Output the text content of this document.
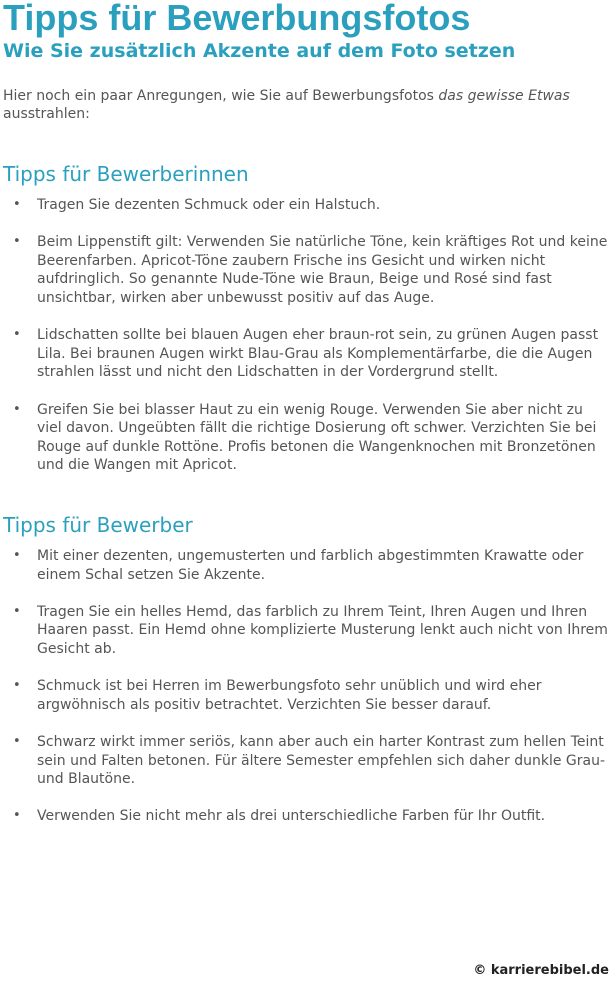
Tipps für Bewerbungsfotos
Wie Sie zusätzlich Akzente auf dem Foto setzen

Hier noch ein paar Anregungen, wie Sie auf Bewerbungsfotos das gewisse Etwas ausstrahlen:

Tipps für Bewerberinnen
• Tragen Sie dezenten Schmuck oder ein Halstuch.
• Beim Lippenstift gilt: Verwenden Sie natürliche Töne, kein kräftiges Rot und keine Beerenfarben. Apricot-Töne zaubern Frische ins Gesicht und wirken nicht aufdringlich. So genannte Nude-Töne wie Braun, Beige und Rosé sind fast unsichtbar, wirken aber unbewusst positiv auf das Auge.
• Lidschatten sollte bei blauen Augen eher braun-rot sein, zu grünen Augen passt Lila. Bei braunen Augen wirkt Blau-Grau als Komplementärfarbe, die die Augen strahlen lässt und nicht den Lidschatten in der Vordergrund stellt.
• Greifen Sie bei blasser Haut zu ein wenig Rouge. Verwenden Sie aber nicht zu viel davon. Ungeübten fällt die richtige Dosierung oft schwer. Verzichten Sie bei Rouge auf dunkle Rottöne. Profis betonen die Wangenknochen mit Bronzetönen und die Wangen mit Apricot.
Tipps für Bewerber
• Mit einer dezenten, ungemusterten und farblich abgestimmten Krawatte oder einem Schal setzen Sie Akzente.
• Tragen Sie ein helles Hemd, das farblich zu Ihrem Teint, Ihren Augen und Ihren Haaren passt. Ein Hemd ohne komplizierte Musterung lenkt auch nicht von Ihrem Gesicht ab.
• Schmuck ist bei Herren im Bewerbungsfoto sehr unüblich und wird eher argwöhnisch als positiv betrachtet. Verzichten Sie besser darauf.
• Schwarz wirkt immer seriös, kann aber auch ein harter Kontrast zum hellen Teint sein und Falten betonen. Für ältere Semester empfehlen sich daher dunkle Grau- und Blautöne.
• Verwenden Sie nicht mehr als drei unterschiedliche Farben für Ihr Outfit.

© karrierebibel.de
